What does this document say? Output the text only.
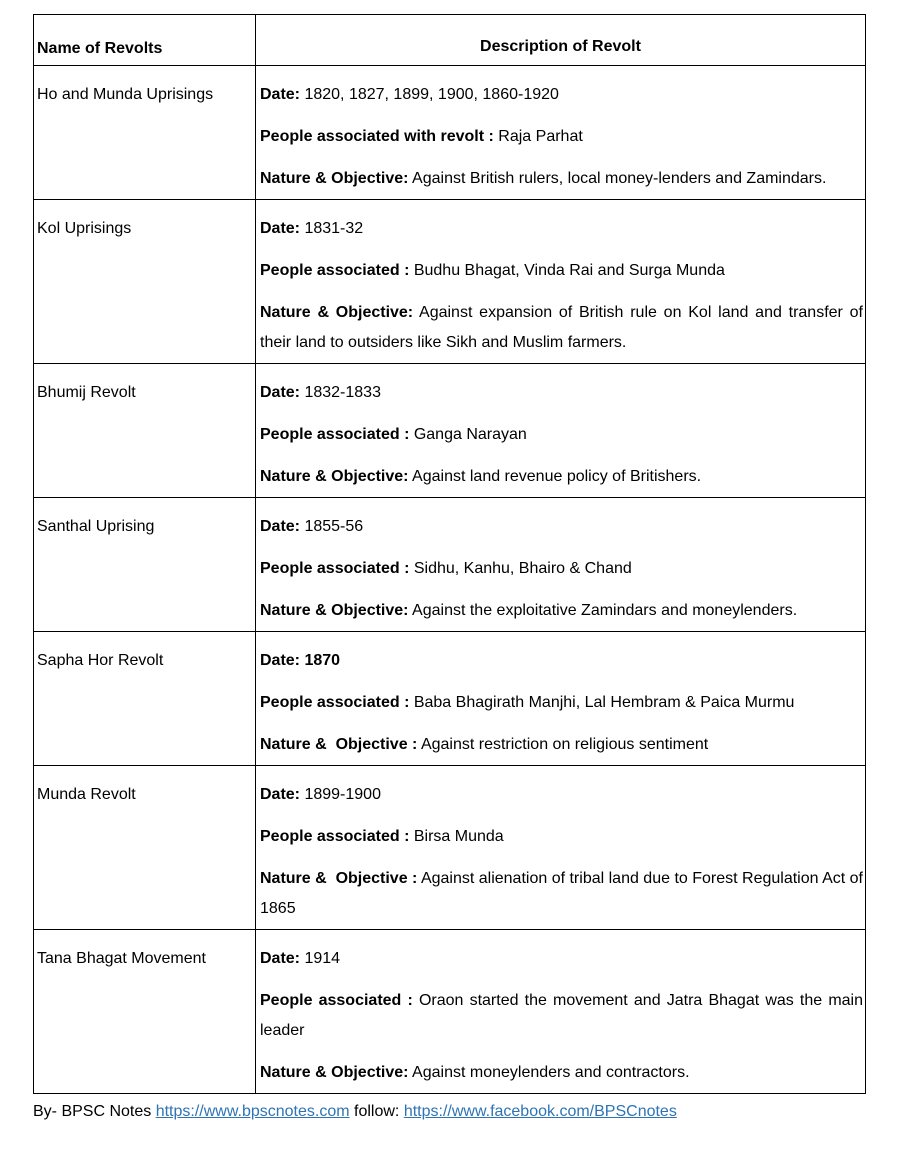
Name of Revolts	Description of Revolt
Ho and Munda Uprisings	Date: 1820, 1827, 1899, 1900, 1860-1920

People associated with revolt : Raja Parhat

Nature & Objective: Against British rulers, local money-lenders and Zamindars.

Kol Uprisings	Date: 1831-32

People associated : Budhu Bhagat, Vinda Rai and Surga Munda

Nature & Objective: Against expansion of British rule on Kol land and transfer of their land to outsiders like Sikh and Muslim farmers.

Bhumij Revolt	Date: 1832-1833

People associated : Ganga Narayan

Nature & Objective: Against land revenue policy of Britishers.

Santhal Uprising	Date: 1855-56

People associated : Sidhu, Kanhu, Bhairo & Chand

Nature & Objective: Against the exploitative Zamindars and moneylenders.

Sapha Hor Revolt	Date: 1870

People associated : Baba Bhagirath Manjhi, Lal Hembram & Paica Murmu

Nature &  Objective : Against restriction on religious sentiment

Munda Revolt	Date: 1899-1900

People associated : Birsa Munda

Nature &  Objective : Against alienation of tribal land due to Forest Regulation Act of 1865

Tana Bhagat Movement	Date: 1914

People associated : Oraon started the movement and Jatra Bhagat was the main leader

Nature & Objective: Against moneylenders and contractors.

By- BPSC Notes https://www.bpscnotes.com follow: https://www.facebook.com/BPSCnotes
